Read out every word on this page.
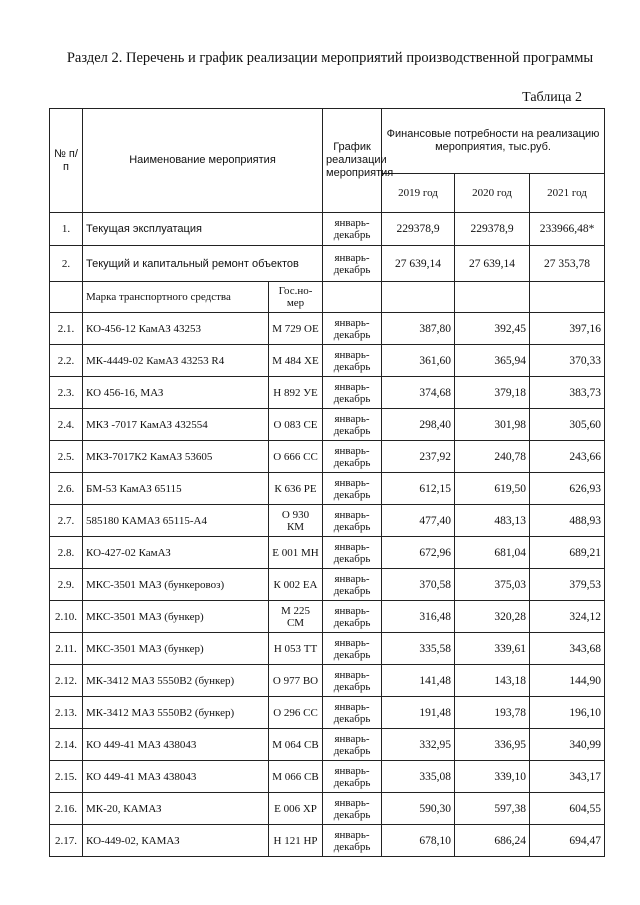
Раздел 2. Перечень и график реализации мероприятий производственной программы
Таблица 2
№ п/п	Наименование мероприятия		График реализации мероприятия	Финансовые потребности на реализацию мероприятия, тыс.руб.		
				2019 год	2020 год	2021 год
1.	Текущая эксплуатация		январь-декабрь	229378,9	229378,9	233966,48*
2.	Текущий и капитальный ремонт объектов		январь-декабрь	27 639,14	27 639,14	27 353,78
	Марка транспортного средства	Гос.но-мер				
2.1.	КО-456-12 КамАЗ 43253	М 729 ОЕ	январь-декабрь	387,80	392,45	397,16
2.2.	МК-4449-02 КамАЗ 43253 R4	М 484 ХЕ	январь-декабрь	361,60	365,94	370,33
2.3.	КО 456-16, МАЗ	Н 892 УЕ	январь-декабрь	374,68	379,18	383,73
2.4.	МКЗ -7017 КамАЗ 432554	О 083 СЕ	январь-декабрь	298,40	301,98	305,60
2.5.	МКЗ-7017К2 КамАЗ 53605	О 666 СС	январь-декабрь	237,92	240,78	243,66
2.6.	БМ-53 КамАЗ 65115	К 636 РЕ	январь-декабрь	612,15	619,50	626,93
2.7.	585180 КАМАЗ 65115-А4	О 930 КМ	январь-декабрь	477,40	483,13	488,93
2.8.	КО-427-02 КамАЗ	Е 001 МН	январь-декабрь	672,96	681,04	689,21
2.9.	МКС-3501 МАЗ (бункеровоз)	К 002 ЕА	январь-декабрь	370,58	375,03	379,53
2.10.	МКС-3501 МАЗ (бункер)	М 225 СМ	январь-декабрь	316,48	320,28	324,12
2.11.	МКС-3501 МАЗ (бункер)	Н 053 ТТ	январь-декабрь	335,58	339,61	343,68
2.12.	МК-3412 МАЗ 5550В2 (бункер)	О 977 ВО	январь-декабрь	141,48	143,18	144,90
2.13.	МК-3412 МАЗ 5550В2 (бункер)	О 296 СС	январь-декабрь	191,48	193,78	196,10
2.14.	КО 449-41 МАЗ 438043	М 064 СВ	январь-декабрь	332,95	336,95	340,99
2.15.	КО 449-41 МАЗ 438043	М 066 СВ	январь-декабрь	335,08	339,10	343,17
2.16.	МК-20, КАМАЗ	Е 006 ХР	январь-декабрь	590,30	597,38	604,55
2.17.	КО-449-02, КАМАЗ	Н 121 НР	январь-декабрь	678,10	686,24	694,47
